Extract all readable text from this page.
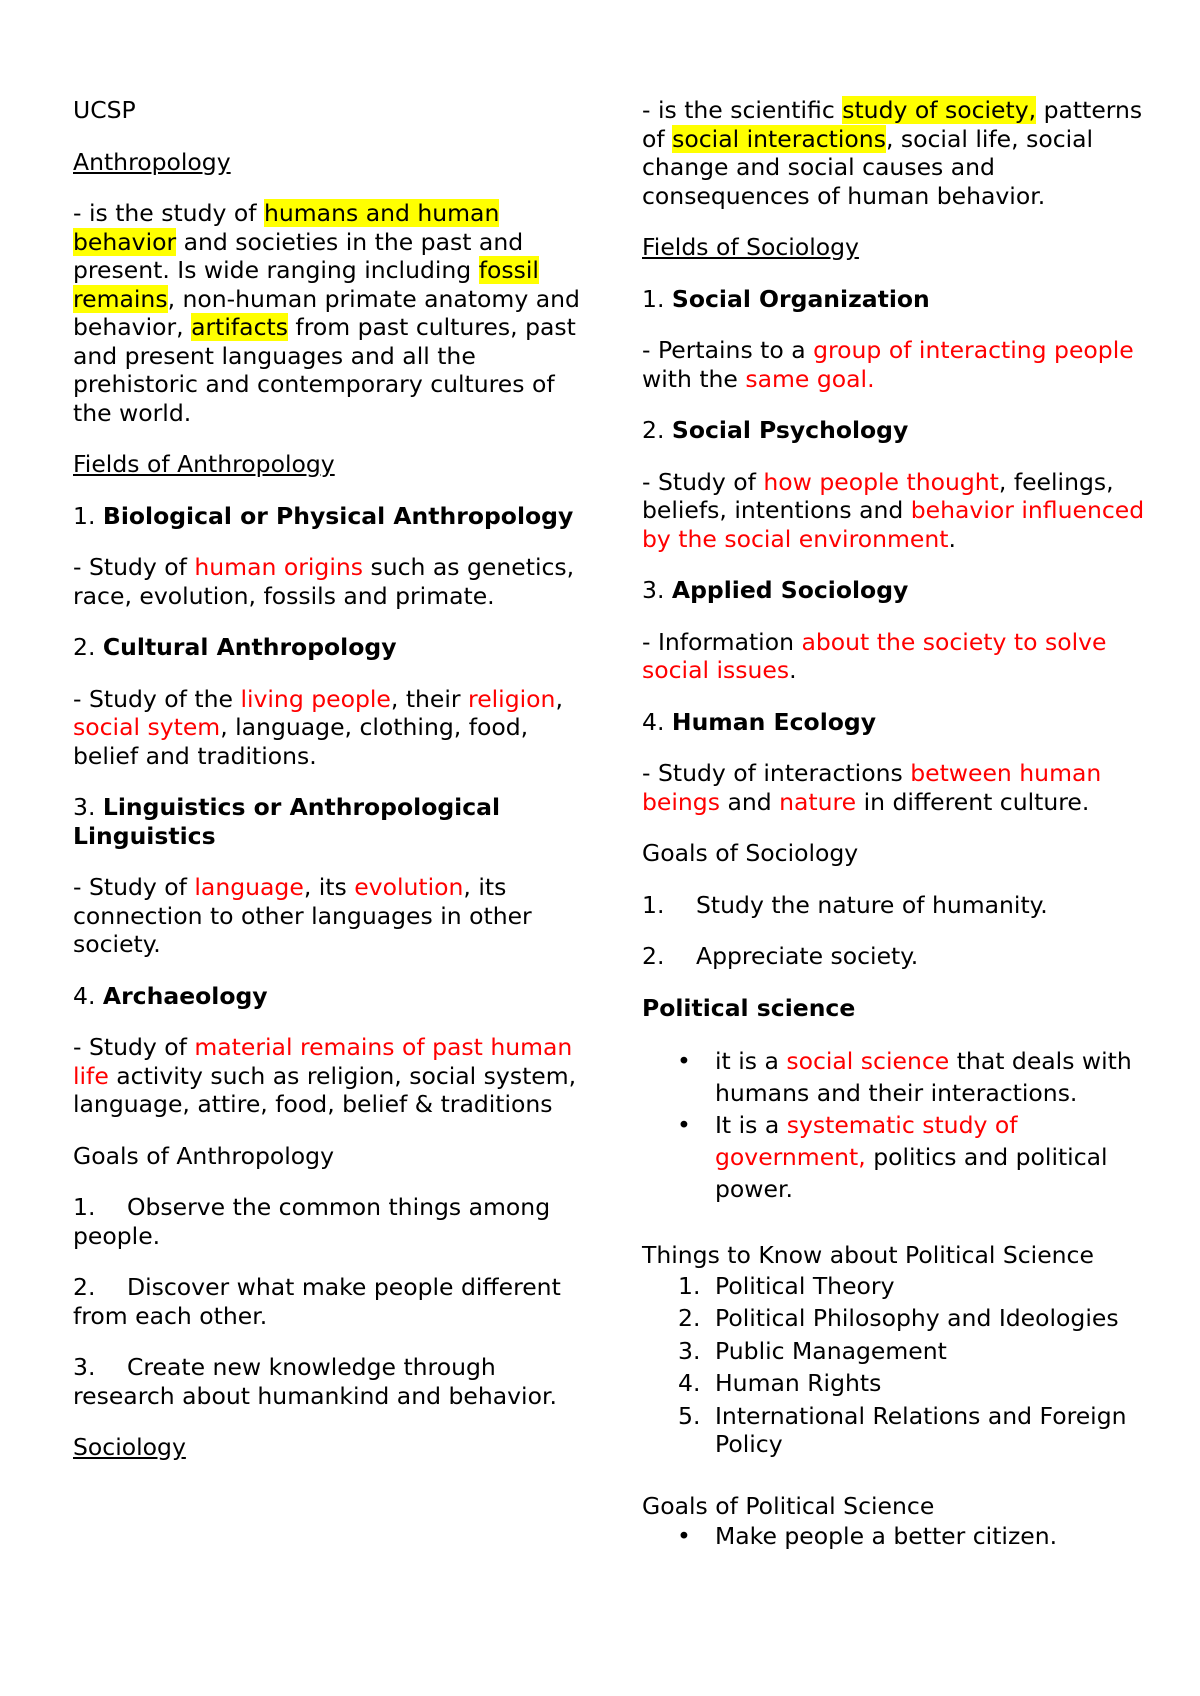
UCSP

Anthropology

- is the study of humans and human behavior and societies in the past and present. Is wide ranging including fossil remains, non-human primate anatomy and behavior, artifacts from past cultures, past and present languages and all the prehistoric and contemporary cultures of the world.

Fields of Anthropology

1. Biological or Physical Anthropology

- Study of human origins such as genetics, race, evolution, fossils and primate.

2. Cultural Anthropology

- Study of the living people, their religion, social sytem, language, clothing, food, belief and traditions.

3. Linguistics or Anthropological Linguistics

- Study of language, its evolution, its connection to other languages in other society.

4. Archaeology

- Study of material remains of past human life activity such as religion, social system, language, attire, food, belief & traditions

Goals of Anthropology

1. Observe the common things among people.

2. Discover what make people different from each other.

3. Create new knowledge through research about humankind and behavior.

Sociology

- is the scientific study of society, patterns of social interactions, social life, social change and social causes and consequences of human behavior.

Fields of Sociology

1. Social Organization

- Pertains to a group of interacting people with the same goal.

2. Social Psychology

- Study of how people thought, feelings, beliefs, intentions and behavior influenced by the social environment.

3. Applied Sociology

- Information about the society to solve social issues.

4. Human Ecology

- Study of interactions between human beings and nature in different culture.

Goals of Sociology

1. Study the nature of humanity.

2. Appreciate society.

Political science

• it is a social science that deals with humans and their interactions.
• It is a systematic study of government, politics and political power.
Things to Know about Political Science
1. Political Theory
2. Political Philosophy and Ideologies
3. Public Management
4. Human Rights
5. International Relations and Foreign Policy
Goals of Political Science
• Make people a better citizen.
